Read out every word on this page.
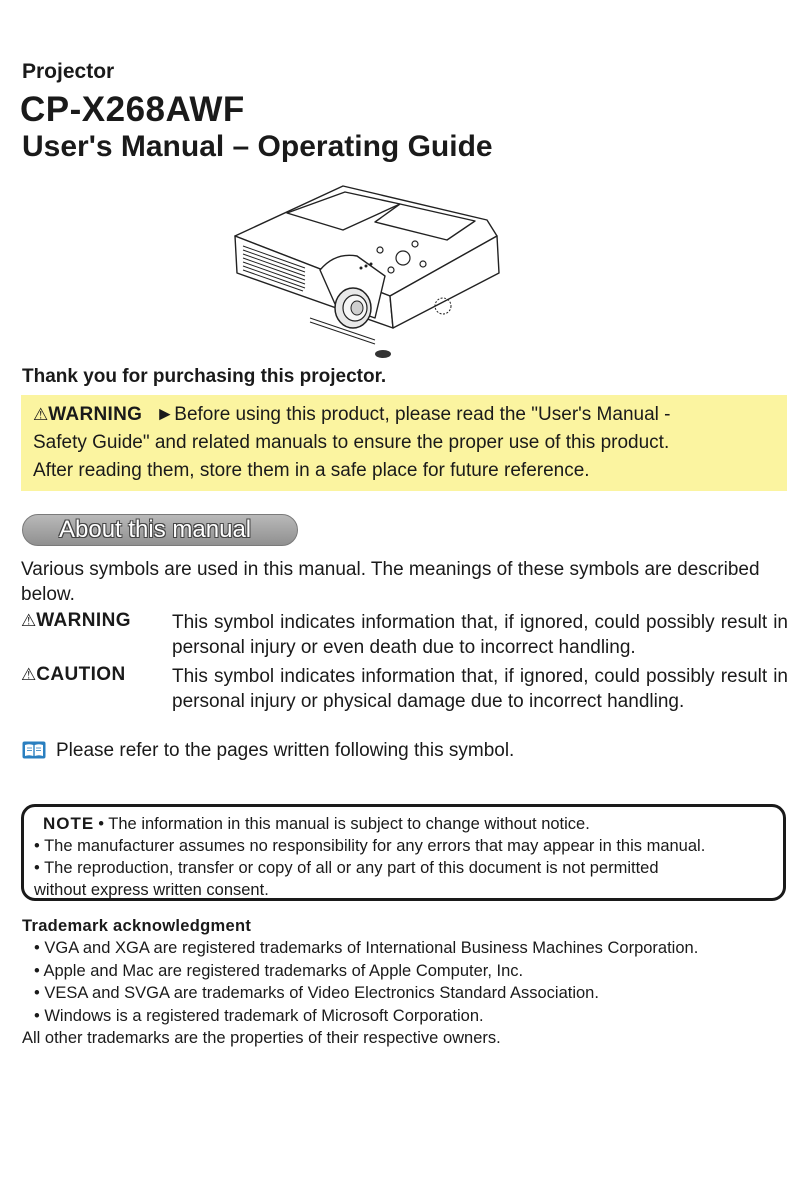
Projector
CP-X268AWF
User's Manual – Operating Guide
Thank you for purchasing this projector.
⚠WARNING ►Before using this product, please read the "User's Manual -
Safety Guide" and related manuals to ensure the proper use of this product.
After reading them, store them in a safe place for future reference.
About this manual
Various symbols are used in this manual. The meanings of these symbols are described below.
⚠WARNING This symbol indicates information that, if ignored, could possibly result in personal injury or even death due to incorrect handling.
⚠CAUTION This symbol indicates information that, if ignored, could possibly result in personal injury or physical damage due to incorrect handling.
Please refer to the pages written following this symbol.
NOTE • The information in this manual is subject to change without notice.
• The manufacturer assumes no responsibility for any errors that may appear in this manual.
• The reproduction, transfer or copy of all or any part of this document is not permitted
without express written consent.
Trademark acknowledgment
• VGA and XGA are registered trademarks of International Business Machines Corporation.
• Apple and Mac are registered trademarks of Apple Computer, Inc.
• VESA and SVGA are trademarks of Video Electronics Standard Association.
• Windows is a registered trademark of Microsoft Corporation.
All other trademarks are the properties of their respective owners.
